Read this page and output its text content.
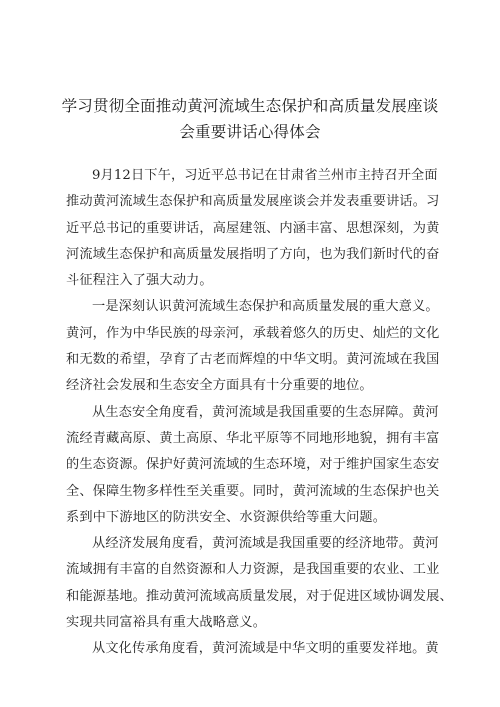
学习贯彻全面推动黄河流域生态保护和高质量发展座谈
会重要讲话心得体会
9月12日下午，习近平总书记在甘肃省兰州市主持召开全面
推动黄河流域生态保护和高质量发展座谈会并发表重要讲话。习
近平总书记的重要讲话，高屋建瓴、内涵丰富、思想深刻，为黄
河流域生态保护和高质量发展指明了方向，也为我们新时代的奋
斗征程注入了强大动力。
一是深刻认识黄河流域生态保护和高质量发展的重大意义。
黄河，作为中华民族的母亲河，承载着悠久的历史、灿烂的文化
和无数的希望，孕育了古老而辉煌的中华文明。黄河流域在我国
经济社会发展和生态安全方面具有十分重要的地位。
从生态安全角度看，黄河流域是我国重要的生态屏障。黄河
流经青藏高原、黄土高原、华北平原等不同地形地貌，拥有丰富
的生态资源。保护好黄河流域的生态环境，对于维护国家生态安
全、保障生物多样性至关重要。同时，黄河流域的生态保护也关
系到中下游地区的防洪安全、水资源供给等重大问题。
从经济发展角度看，黄河流域是我国重要的经济地带。黄河
流域拥有丰富的自然资源和人力资源，是我国重要的农业、工业
和能源基地。推动黄河流域高质量发展，对于促进区域协调发展、
实现共同富裕具有重大战略意义。
从文化传承角度看，黄河流域是中华文明的重要发祥地。黄
